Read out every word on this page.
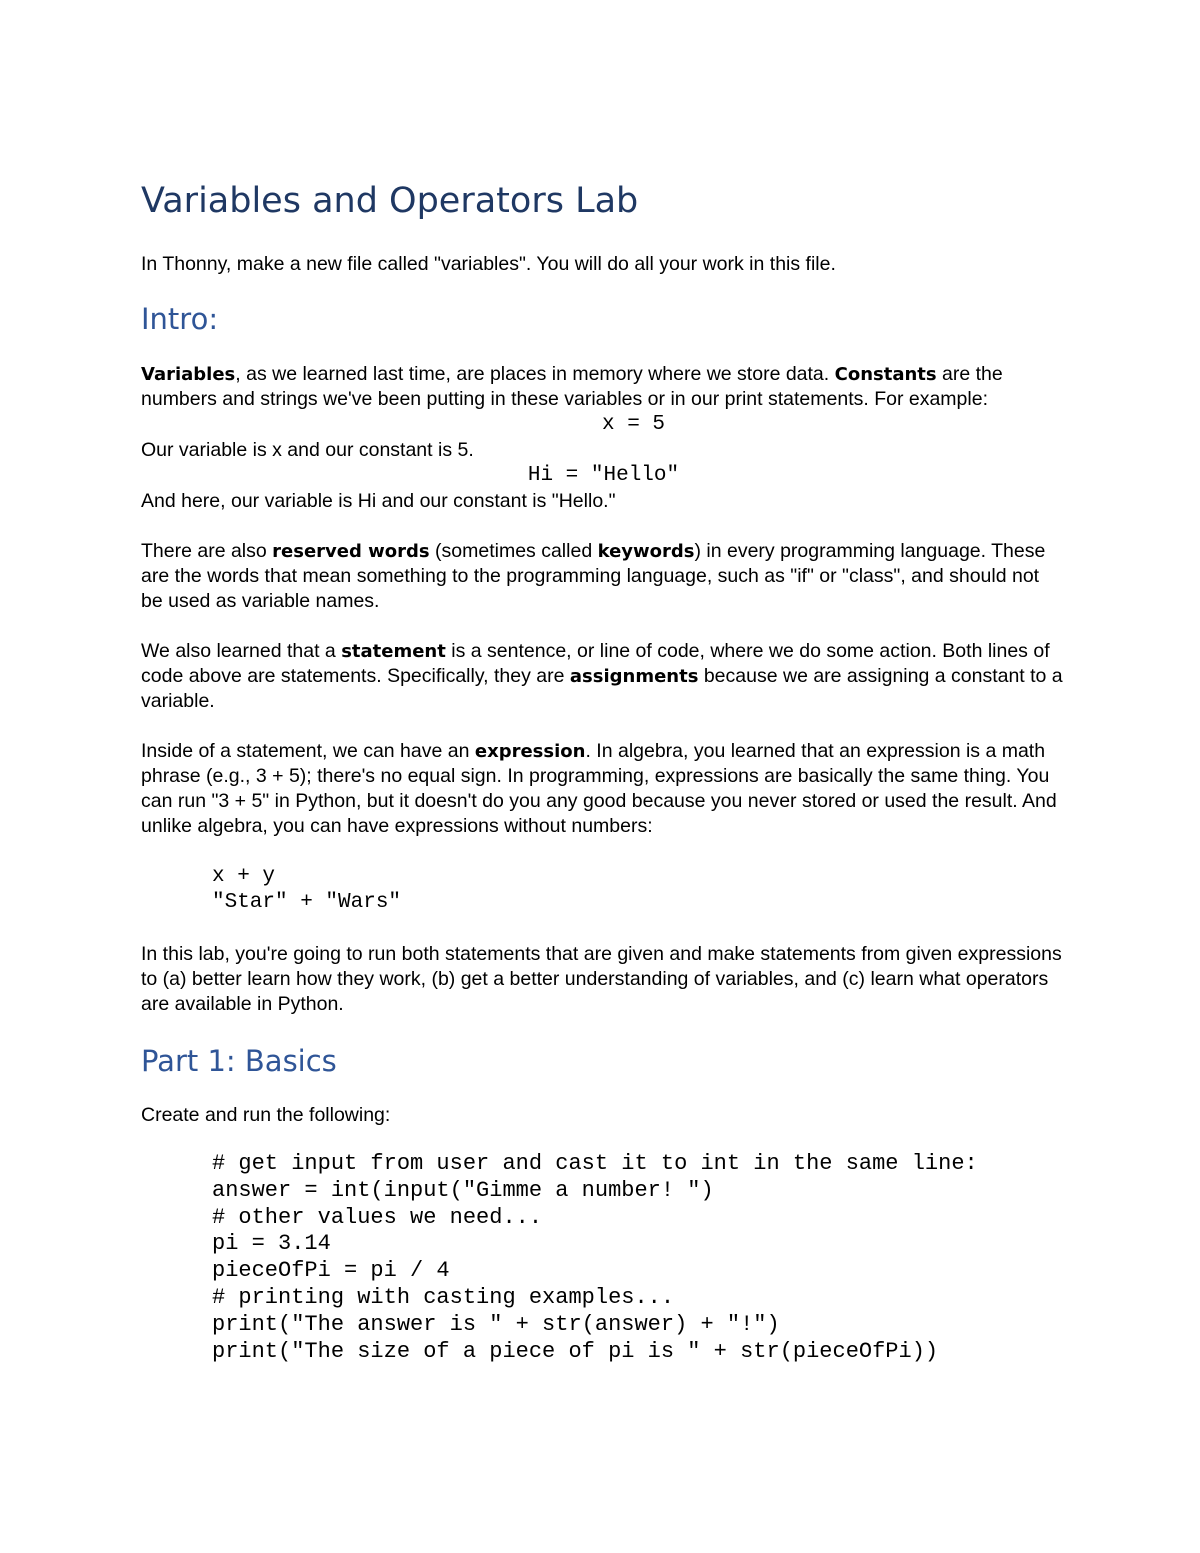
Variables and Operators Lab

In Thonny, make a new file called "variables". You will do all your work in this file.

Intro:

Variables, as we learned last time, are places in memory where we store data. Constants are the numbers and strings we've been putting in these variables or in our print statements. For example:

x = 5

Our variable is x and our constant is 5.

Hi = "Hello"

And here, our variable is Hi and our constant is "Hello."

There are also reserved words (sometimes called keywords) in every programming language. These are the words that mean something to the programming language, such as "if" or "class", and should not be used as variable names.

We also learned that a statement is a sentence, or line of code, where we do some action. Both lines of code above are statements. Specifically, they are assignments because we are assigning a constant to a variable.

Inside of a statement, we can have an expression. In algebra, you learned that an expression is a math phrase (e.g., 3 + 5); there's no equal sign. In programming, expressions are basically the same thing. You can run "3 + 5" in Python, but it doesn't do you any good because you never stored or used the result. And unlike algebra, you can have expressions without numbers:

x + y
"Star" + "Wars"

In this lab, you're going to run both statements that are given and make statements from given expressions to (a) better learn how they work, (b) get a better understanding of variables, and (c) learn what operators are available in Python.

Part 1: Basics

Create and run the following:

# get input from user and cast it to int in the same line:
answer = int(input("Gimme a number! ")
# other values we need...
pi = 3.14
pieceOfPi = pi / 4
# printing with casting examples...
print("The answer is " + str(answer) + "!")
print("The size of a piece of pi is " + str(pieceOfPi))
